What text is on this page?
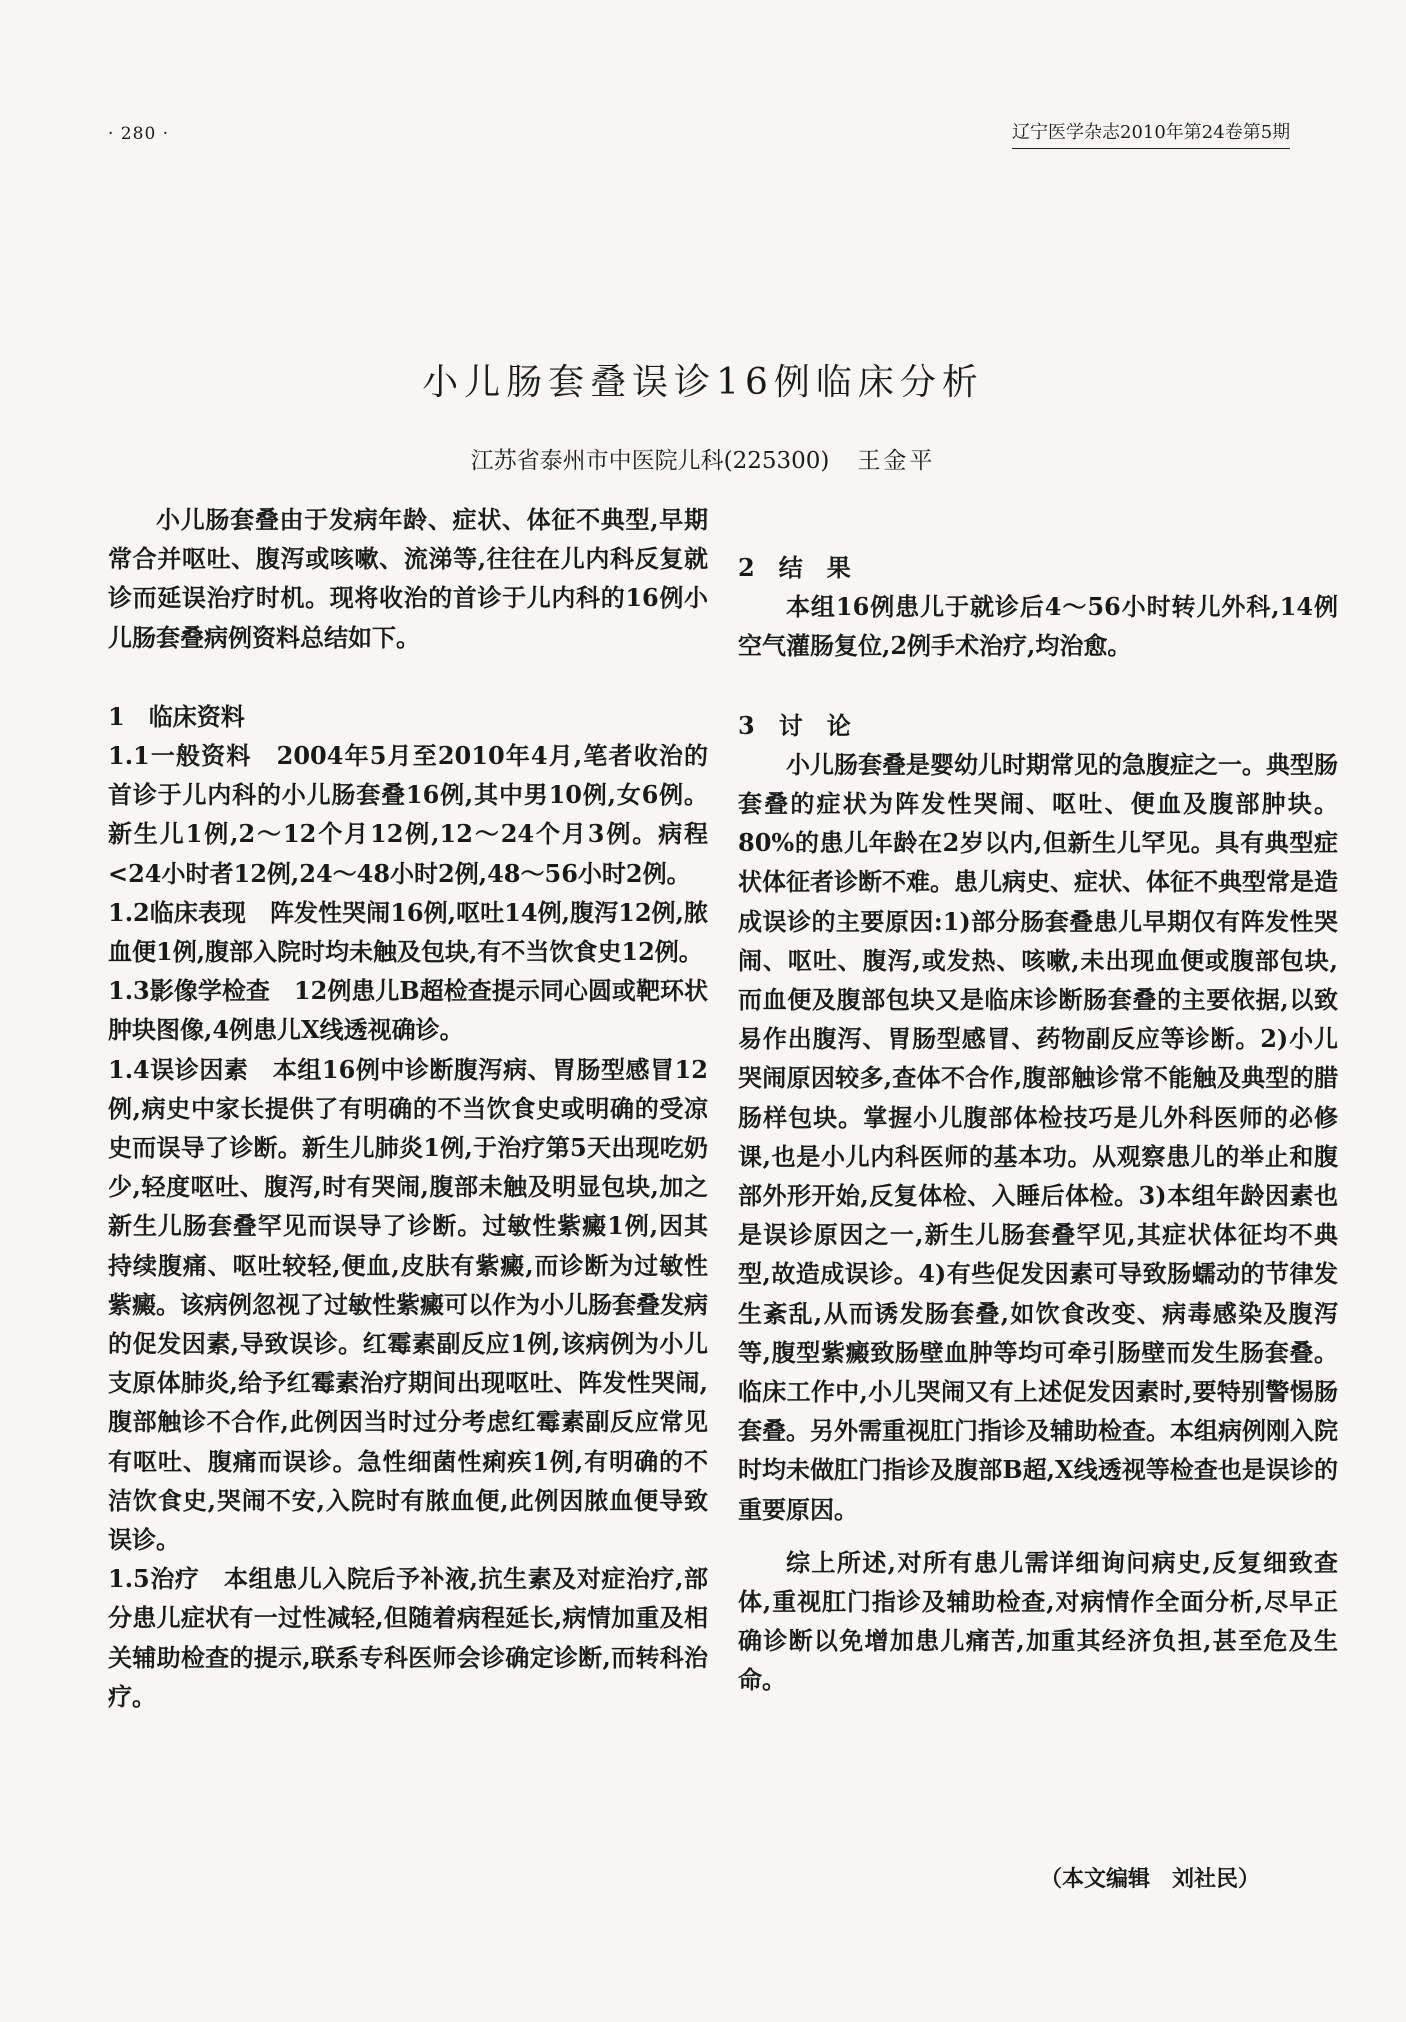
· 280 ·	辽宁医学杂志2010年第24卷第5期
小儿肠套叠误诊16例临床分析
江苏省泰州市中医院儿科(225300) 王金平

小儿肠套叠由于发病年龄、症状、体征不典型,早期常合并呕吐、腹泻或咳嗽、流涕等,往往在儿内科反复就诊而延误治疗时机。现将收治的首诊于儿内科的16例小儿肠套叠病例资料总结如下。

1　临床资料

1.1一般资料　2004年5月至2010年4月,笔者收治的首诊于儿内科的小儿肠套叠16例,其中男10例,女6例。新生儿1例,2～12个月12例,12～24个月3例。病程<24小时者12例,24～48小时2例,48～56小时2例。

1.2临床表现　阵发性哭闹16例,呕吐14例,腹泻12例,脓血便1例,腹部入院时均未触及包块,有不当饮食史12例。

1.3影像学检查　12例患儿B超检查提示同心圆或靶环状肿块图像,4例患儿X线透视确诊。

1.4误诊因素　本组16例中诊断腹泻病、胃肠型感冒12例,病史中家长提供了有明确的不当饮食史或明确的受凉史而误导了诊断。新生儿肺炎1例,于治疗第5天出现吃奶少,轻度呕吐、腹泻,时有哭闹,腹部未触及明显包块,加之新生儿肠套叠罕见而误导了诊断。过敏性紫癜1例,因其持续腹痛、呕吐较轻,便血,皮肤有紫癜,而诊断为过敏性紫癜。该病例忽视了过敏性紫癜可以作为小儿肠套叠发病的促发因素,导致误诊。红霉素副反应1例,该病例为小儿支原体肺炎,给予红霉素治疗期间出现呕吐、阵发性哭闹,腹部触诊不合作,此例因当时过分考虑红霉素副反应常见有呕吐、腹痛而误诊。急性细菌性痢疾1例,有明确的不洁饮食史,哭闹不安,入院时有脓血便,此例因脓血便导致误诊。

1.5治疗　本组患儿入院后予补液,抗生素及对症治疗,部分患儿症状有一过性减轻,但随着病程延长,病情加重及相关辅助检查的提示,联系专科医师会诊确定诊断,而转科治疗。

2　结　果

本组16例患儿于就诊后4～56小时转儿外科,14例空气灌肠复位,2例手术治疗,均治愈。

3　讨　论

小儿肠套叠是婴幼儿时期常见的急腹症之一。典型肠套叠的症状为阵发性哭闹、呕吐、便血及腹部肿块。80%的患儿年龄在2岁以内,但新生儿罕见。具有典型症状体征者诊断不难。患儿病史、症状、体征不典型常是造成误诊的主要原因:1)部分肠套叠患儿早期仅有阵发性哭闹、呕吐、腹泻,或发热、咳嗽,未出现血便或腹部包块,而血便及腹部包块又是临床诊断肠套叠的主要依据,以致易作出腹泻、胃肠型感冒、药物副反应等诊断。2)小儿哭闹原因较多,查体不合作,腹部触诊常不能触及典型的腊肠样包块。掌握小儿腹部体检技巧是儿外科医师的必修课,也是小儿内科医师的基本功。从观察患儿的举止和腹部外形开始,反复体检、入睡后体检。3)本组年龄因素也是误诊原因之一,新生儿肠套叠罕见,其症状体征均不典型,故造成误诊。4)有些促发因素可导致肠蠕动的节律发生紊乱,从而诱发肠套叠,如饮食改变、病毒感染及腹泻等,腹型紫癜致肠壁血肿等均可牵引肠壁而发生肠套叠。临床工作中,小儿哭闹又有上述促发因素时,要特别警惕肠套叠。另外需重视肛门指诊及辅助检查。本组病例刚入院时均未做肛门指诊及腹部B超,X线透视等检查也是误诊的重要原因。

综上所述,对所有患儿需详细询问病史,反复细致查体,重视肛门指诊及辅助检查,对病情作全面分析,尽早正确诊断以免增加患儿痛苦,加重其经济负担,甚至危及生命。

（本文编辑　刘社民）
